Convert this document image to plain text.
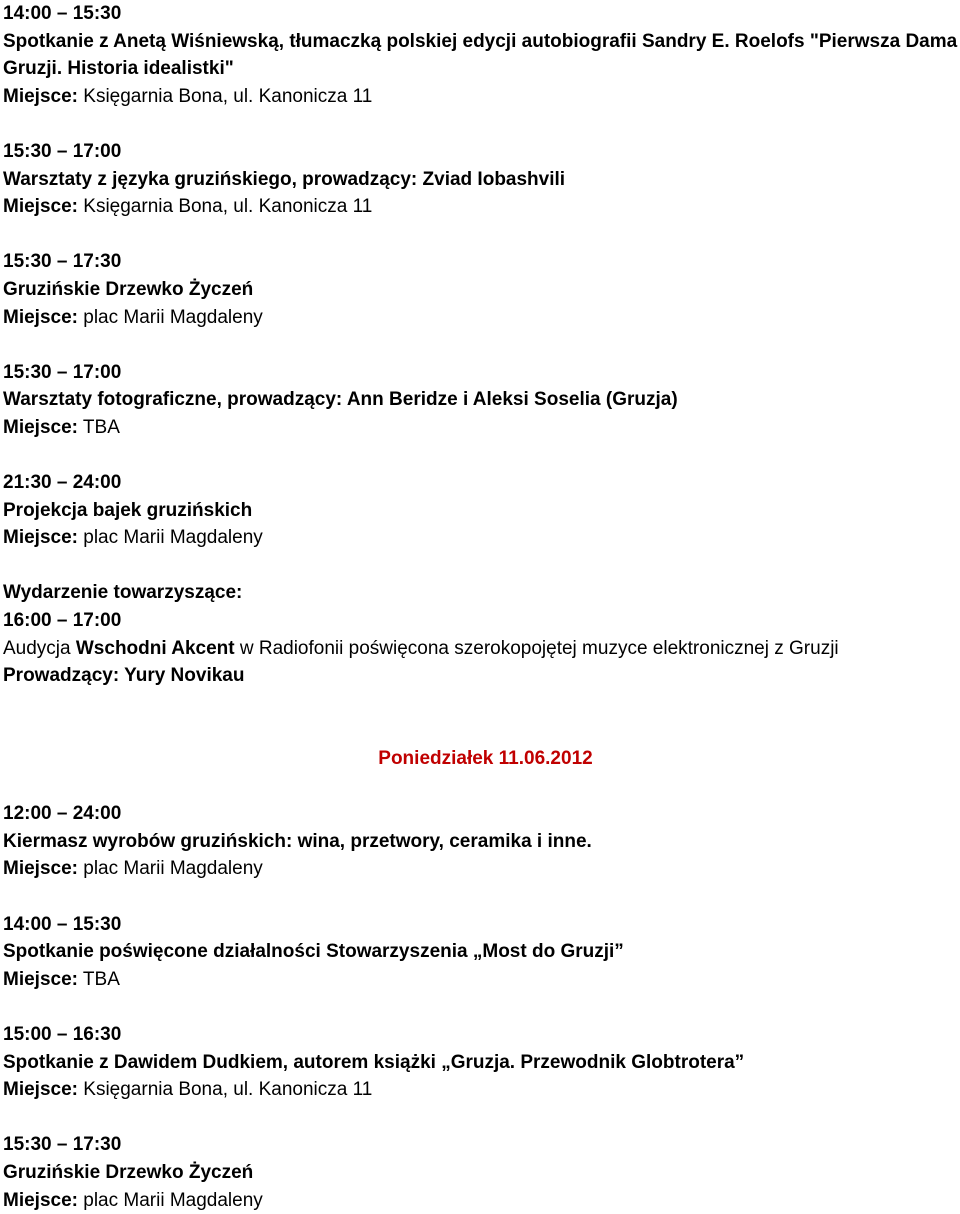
14:00 – 15:30
Spotkanie z Anetą Wiśniewską, tłumaczką polskiej edycji autobiografii Sandry E. Roelofs "Pierwsza Dama Gruzji. Historia idealistki"
Miejsce: Księgarnia Bona, ul. Kanonicza 11
15:30 – 17:00
Warsztaty z języka gruzińskiego, prowadzący: Zviad Iobashvili
Miejsce: Księgarnia Bona, ul. Kanonicza 11
15:30 – 17:30
Gruzińskie Drzewko Życzeń
Miejsce: plac Marii Magdaleny
15:30 – 17:00
Warsztaty fotograficzne, prowadzący: Ann Beridze i Aleksi Soselia (Gruzja)
Miejsce: TBA
21:30 – 24:00
Projekcja bajek gruzińskich
Miejsce: plac Marii Magdaleny
Wydarzenie towarzyszące:
16:00 – 17:00
Audycja Wschodni Akcent w Radiofonii poświęcona szerokopojętej muzyce elektronicznej z Gruzji
Prowadzący: Yury Novikau
Poniedziałek 11.06.2012
12:00 – 24:00
Kiermasz wyrobów gruzińskich: wina, przetwory, ceramika i inne.
Miejsce: plac Marii Magdaleny
14:00 – 15:30
Spotkanie poświęcone działalności Stowarzyszenia „Most do Gruzji”
Miejsce: TBA
15:00 – 16:30
Spotkanie z Dawidem Dudkiem, autorem książki „Gruzja. Przewodnik Globtrotera”
Miejsce: Księgarnia Bona, ul. Kanonicza 11
15:30 – 17:30
Gruzińskie Drzewko Życzeń
Miejsce: plac Marii Magdaleny
